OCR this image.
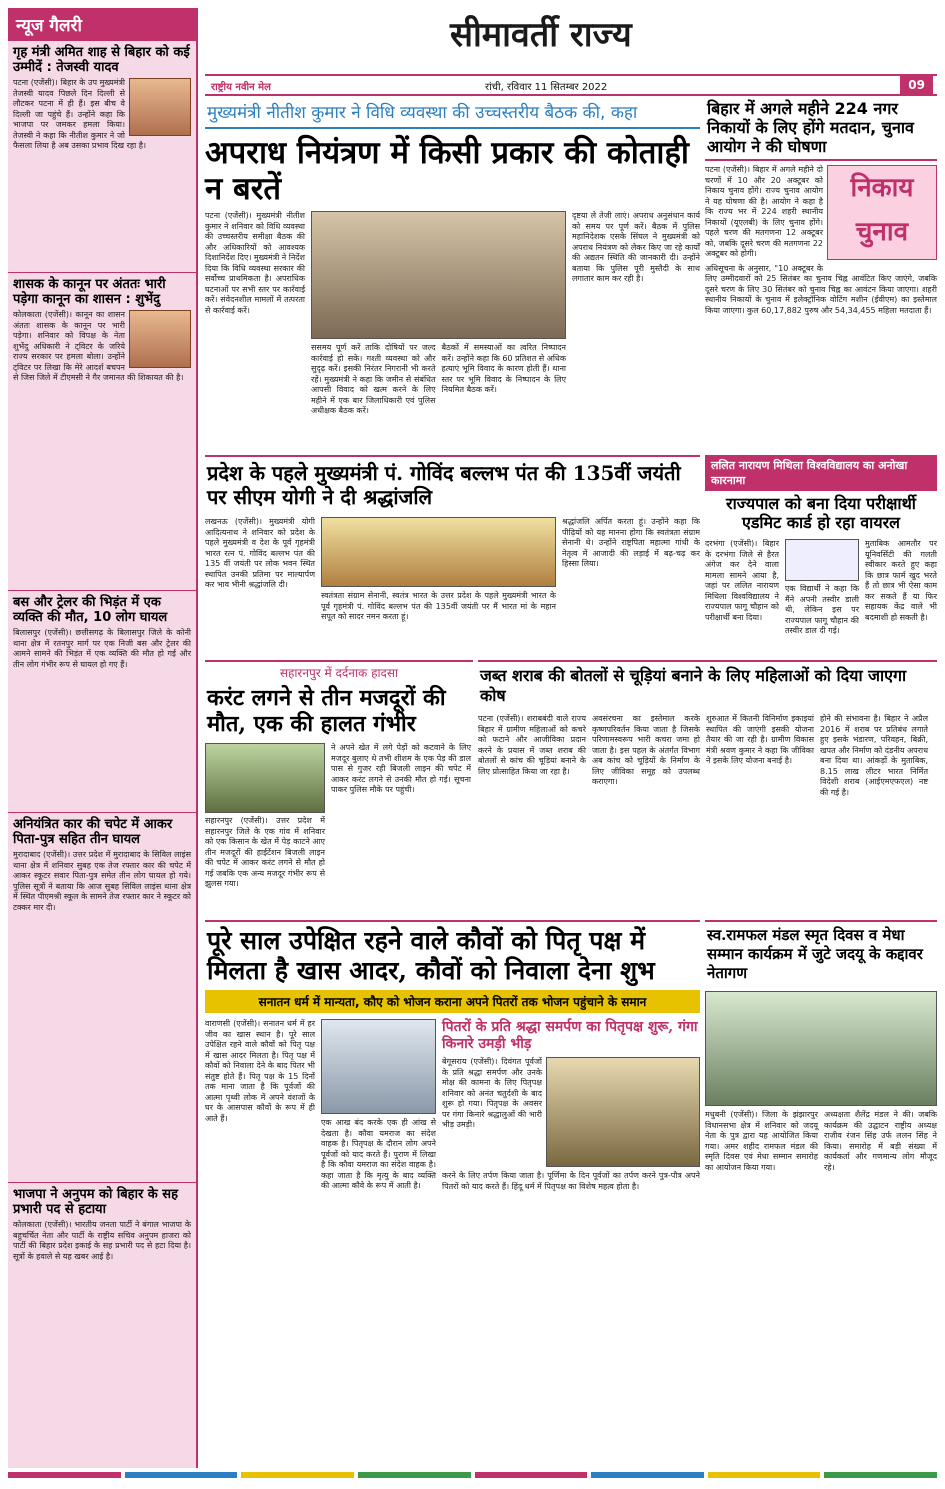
न्यूज गैलरी
गृह मंत्री अमित शाह से बिहार को कई उम्मीदें : तेजस्वी यादव
पटना (एजेंसी)। बिहार के उप मुख्यमंत्री तेजस्वी यादव पिछले दिन दिल्ली से लौटकर पटना में ही हैं। इस बीच वे दिल्ली जा पहुंचे हैं। उन्होंने कहा कि भाजपा पर जमकर हमला किया। तेजस्वी ने कहा कि नीतीश कुमार ने जो फैसला लिया है अब उसका प्रभाव दिख रहा है।
शासक के कानून पर अंततः भारी पड़ेगा कानून का शासन : शुभेंदु
कोलकाता (एजेंसी)। कानून का शासन अंततः शासक के कानून पर भारी पड़ेगा। शनिवार को विपक्ष के नेता शुभेंदु अधिकारी ने ट्विटर के जरिये राज्य सरकार पर हमला बोला। उन्होंने ट्विटर पर लिखा कि मेरे आदर्श बचपन से जिस जिले में टीएमसी ने गैर जमानत की शिकायत की है।
बस और ट्रेलर की भिड़ंत में एक व्यक्ति की मौत, 10 लोग घायल
बिलासपुर (एजेंसी)। छत्तीसगढ़ के बिलासपुर जिले के कोनी थाना क्षेत्र में रतनपुर मार्ग पर एक निजी बस और ट्रेलर की आमने सामने की भिड़ंत में एक व्यक्ति की मौत हो गई और तीन लोग गंभीर रूप से घायल हो गए हैं।
अनियंत्रित कार की चपेट में आकर पिता-पुत्र सहित तीन घायल
मुरादाबाद (एजेंसी)। उत्तर प्रदेश में मुरादाबाद के सिविल लाइंस थाना क्षेत्र में शनिवार सुबह एक तेज रफ्तार कार की चपेट में आकर स्कूटर सवार पिता-पुत्र समेत तीन लोग घायल हो गये। पुलिस सूत्रों ने बताया कि आज सुबह सिविल लाइंस थाना क्षेत्र में स्थित पीएमश्री स्कूल के सामने तेज रफ्तार कार ने स्कूटर को टक्कर मार दी।
भाजपा ने अनुपम को बिहार के सह प्रभारी पद से हटाया
कोलकाता (एजेंसी)। भारतीय जनता पार्टी ने बंगाल भाजपा के बहुचर्चित नेता और पार्टी के राष्ट्रीय सचिव अनुपम हाजरा को पार्टी की बिहार प्रदेश इकाई के सह प्रभारी पद से हटा दिया है। सूत्रों के हवाले से यह खबर आई है।
सीमावर्ती राज्य
राष्ट्रीय नवीन मेल	रांची, रविवार 11 सितम्बर 2022	09
मुख्यमंत्री नीतीश कुमार ने विधि व्यवस्था की उच्चस्तरीय बैठक की, कहा
अपराध नियंत्रण में किसी प्रकार की कोताही न बरतें
पटना (एजेंसी)। मुख्यमंत्री नीतीश कुमार ने शनिवार को विधि व्यवस्था की उच्चस्तरीय समीक्षा बैठक की और अधिकारियों को आवश्यक दिशानिर्देश दिए। मुख्यमंत्री ने निर्देश दिया कि विधि व्यवस्था सरकार की सर्वोच्च प्राथमिकता है। अपराधिक घटनाओं पर सभी स्तर पर कार्रवाई करें। संवेदनशील मामलों में तत्परता से कार्रवाई करें।
ससमय पूर्ण करें ताकि दोषियों पर जल्द कार्रवाई हो सके। गश्ती व्यवस्था को और सुदृढ़ करें। इसकी निरंतर निगरानी भी करते रहें। मुख्यमंत्री ने कहा कि जमीन से संबंधित आपसी विवाद को खत्म करने के लिए महीने में एक बार जिलाधिकारी एवं पुलिस अधीक्षक बैठक करें।
बैठकों में समस्याओं का त्वरित निष्पादन करें। उन्होंने कहा कि 60 प्रतिशत से अधिक हत्याएं भूमि विवाद के कारण होती हैं। थाना स्तर पर भूमि विवाद के निष्पादन के लिए नियमित बैठक करें।
दृष्टया ले तेजी लाएं। अपराध अनुसंधान कार्य को समय पर पूर्ण करें। बैठक में पुलिस महानिदेशक एसके सिंघल ने मुख्यमंत्री को अपराध नियंत्रण को लेकर किए जा रहे कार्यों की अद्यतन स्थिति की जानकारी दी। उन्होंने बताया कि पुलिस पूरी मुस्तैदी के साथ लगातार काम कर रही है।
बिहार में अगले महीने 224 नगर निकायों के लिए होंगे मतदान, चुनाव आयोग ने की घोषणा
निकाय चुनाव
पटना (एजेंसी)। बिहार में अगले महीने दो चरणों में 10 और 20 अक्टूबर को निकाय चुनाव होंगे। राज्य चुनाव आयोग ने यह घोषणा की है। आयोग ने कहा है कि राज्य भर में 224 शहरी स्थानीय निकायों (यूएलबी) के लिए चुनाव होंगे। पहले चरण की मतगणना 12 अक्टूबर को, जबकि दूसरे चरण की मतगणना 22 अक्टूबर को होगी।
अधिसूचना के अनुसार, "10 अक्टूबर के लिए उम्मीदवारों को 25 सितंबर का चुनाव चिह्न आवंटित किए जाएंगे, जबकि दूसरे चरण के लिए 30 सितंबर को चुनाव चिह्न का आवंटन किया जाएगा। शहरी स्थानीय निकायों के चुनाव में इलेक्ट्रॉनिक वोटिंग मशीन (ईवीएम) का इस्तेमाल किया जाएगा। कुल 60,17,882 पुरुष और 54,34,455 महिला मतदाता हैं।
प्रदेश के पहले मुख्यमंत्री पं. गोविंद बल्लभ पंत की 135वीं जयंती पर सीएम योगी ने दी श्रद्धांजलि
लखनऊ (एजेंसी)। मुख्यमंत्री योगी आदित्यनाथ ने शनिवार को प्रदेश के पहले मुख्यमंत्री व देश के पूर्व गृहमंत्री भारत रत्न पं. गोविंद बल्लभ पंत की 135 वीं जयंती पर लोक भवन स्थित स्थापित उनकी प्रतिमा पर माल्यार्पण कर भाव भीनी श्रद्धांजलि दी।
स्वतंत्रता संग्राम सेनानी, स्वतंत्र भारत के उत्तर प्रदेश के पहले मुख्यमंत्री भारत के पूर्व गृहमंत्री पं. गोविंद बल्लभ पंत की 135वीं जयंती पर मैं भारत मां के महान सपूत को सादर नमन करता हूं।
श्रद्धांजलि अर्पित करता हूं। उन्होंने कहा कि पीढ़ियों को यह मानना होगा कि स्वतंत्रता संग्राम सेनानी थे। उन्होंने राष्ट्रपिता महात्मा गांधी के नेतृत्व में आजादी की लड़ाई में बढ़-चढ़ कर हिस्सा लिया।
ललित नारायण मिथिला विश्वविद्यालय का अनोखा कारनामा
राज्यपाल को बना दिया परीक्षार्थी एडमिट कार्ड हो रहा वायरल
दरभंगा (एजेंसी)। बिहार के दरभंगा जिले से हैरत अंगेज कर देने वाला मामला सामने आया है, जहां पर ललित नारायण मिथिला विश्वविद्यालय ने राज्यपाल फागू चौहान को परीक्षार्थी बना दिया।
एक विद्यार्थी ने कहा कि मैंने अपनी तस्वीर डाली थी, लेकिन इस पर राज्यपाल फागू चौहान की तस्वीर डाल दी गई।
मुताबिक आमतौर पर यूनिवर्सिटी की गलती स्वीकार करते हुए कहा कि छात्र फार्म खुद भरते हैं तो छात्र भी ऐसा काम कर सकते हैं या फिर सहायक केंद्र वाले भी बदमाशी हो सकती है।
सहारनपुर में दर्दनाक हादसा
करंट लगने से तीन मजदूरों की मौत, एक की हालत गंभीर
सहारनपुर (एजेंसी)। उत्तर प्रदेश में सहारनपुर जिले के एक गांव में शनिवार को एक किसान के खेत में पेड़ काटने आए तीन मजदूरों की हाईटेंशन बिजली लाइन की चपेट में आकर करंट लगने से मौत हो गई जबकि एक अन्य मजदूर गंभीर रूप से झुलस गया।
ने अपने खेत में लगे पेड़ों को कटवाने के लिए मजदूर बुलाए थे तभी शीशम के एक पेड़ की डाल पास से गुजर रही बिजली लाइन की चपेट में आकर करंट लगने से उनकी मौत हो गई। सूचना पाकर पुलिस मौके पर पहुंची।
जब्त शराब की बोतलों से चूड़ियां बनाने के लिए महिलाओं को दिया जाएगा कोष
पटना (एजेंसी)। शराबबंदी वाले राज्य बिहार में ग्रामीण महिलाओं को कचरे को फटाने और आजीविका प्रदान करने के प्रयास में जब्त शराब की बोतलों से कांच की चूड़ियां बनाने के लिए प्रोत्साहित किया जा रहा है।
अवसंरचना का इस्तेमाल करके कृष्णपरिवर्तन किया जाता है जिसके परिणामस्वरूप भारी कचरा जमा हो जाता है। इस पहल के अंतर्गत विभाग अब कांच को चूड़ियों के निर्माण के लिए जीविका समूह को उपलब्ध कराएगा।
शुरुआत में कितनी विनिर्माण इकाइयां स्थापित की जाएंगी इसकी योजना तैयार की जा रही है। ग्रामीण विकास मंत्री श्रवण कुमार ने कहा कि जीविका ने इसके लिए योजना बनाई है।
होने की संभावना है। बिहार ने अप्रैल 2016 में शराब पर प्रतिबंध लगाते हुए इसके भंडारण, परिवहन, बिक्री, खपत और निर्माण को दंडनीय अपराध बना दिया था। आंकड़ों के मुताबिक, 8.15 लाख लीटर भारत निर्मित विदेशी शराब (आईएमएफएल) नष्ट की गई है।
पूरे साल उपेक्षित रहने वाले कौवों को पितृ पक्ष में मिलता है खास आदर, कौवों को निवाला देना शुभ
सनातन धर्म में मान्यता, कौए को भोजन कराना अपने पितरों तक भोजन पहुंचाने के समान
वाराणसी (एजेंसी)। सनातन धर्म में हर जीव का खास स्थान है। पूरे साल उपेक्षित रहने वाले कौवों को पितृ पक्ष में खास आदर मिलता है। पितृ पक्ष में कौवों को निवाला देने के बाद पितर भी संतुष्ट होते हैं। पितृ पक्ष के 15 दिनों तक माना जाता है कि पूर्वजों की आत्मा पृथ्वी लोक में अपने वंशजों के घर के आसपास कौवों के रूप में ही आते हैं।	एक आख बंद करके एक ही आंख से देखता है। कौवा यमराज का संदेश वाहक है। पितृपक्ष के दौरान लोग अपने पूर्वजों को याद करते हैं। पुराण में लिखा है कि कौवा यमराज का संदेश वाहक है। कहा जाता है कि मृत्यु के बाद व्यक्ति की आत्मा कौवे के रूप में आती है।
पितरों के प्रति श्रद्धा समर्पण का पितृपक्ष शुरू, गंगा किनारे उमड़ी भीड़
बेगूसराय (एजेंसी)। दिवंगत पूर्वजों के प्रति श्रद्धा समर्पण और उनके मोक्ष की कामना के लिए पितृपक्ष शनिवार को अनंत चतुर्दशी के बाद शुरू हो गया। पितृपक्ष के अवसर पर गंगा किनारे श्रद्धालुओं की भारी भीड़ उमड़ी।
करने के लिए तर्पण किया जाता है। पूर्णिमा के दिन पूर्वजों का तर्पण करने पुत्र-पौत्र अपने पितरों को याद करते हैं। हिंदू धर्म में पितृपक्ष का विशेष महत्व होता है।
स्व.रामफल मंडल स्मृत दिवस व मेधा सम्मान कार्यक्रम में जुटे जदयू के कद्दावर नेतागण
मधुबनी (एजेंसी)। जिला के झंझारपुर विधानसभा क्षेत्र में शनिवार को जदयू नेता के पुत्र द्वारा यह आयोजित किया गया। अमर शहीद रामफल मंडल की स्मृति दिवस एवं मेधा सम्मान समारोह का आयोजन किया गया।
अध्यक्षता शैलेंद्र मंडल ने की। जबकि कार्यक्रम की उद्घाटन राष्ट्रीय अध्यक्ष राजीव रंजन सिंह उर्फ ललन सिंह ने किया। समारोह में बड़ी संख्या में कार्यकर्ता और गणमान्य लोग मौजूद रहे।
